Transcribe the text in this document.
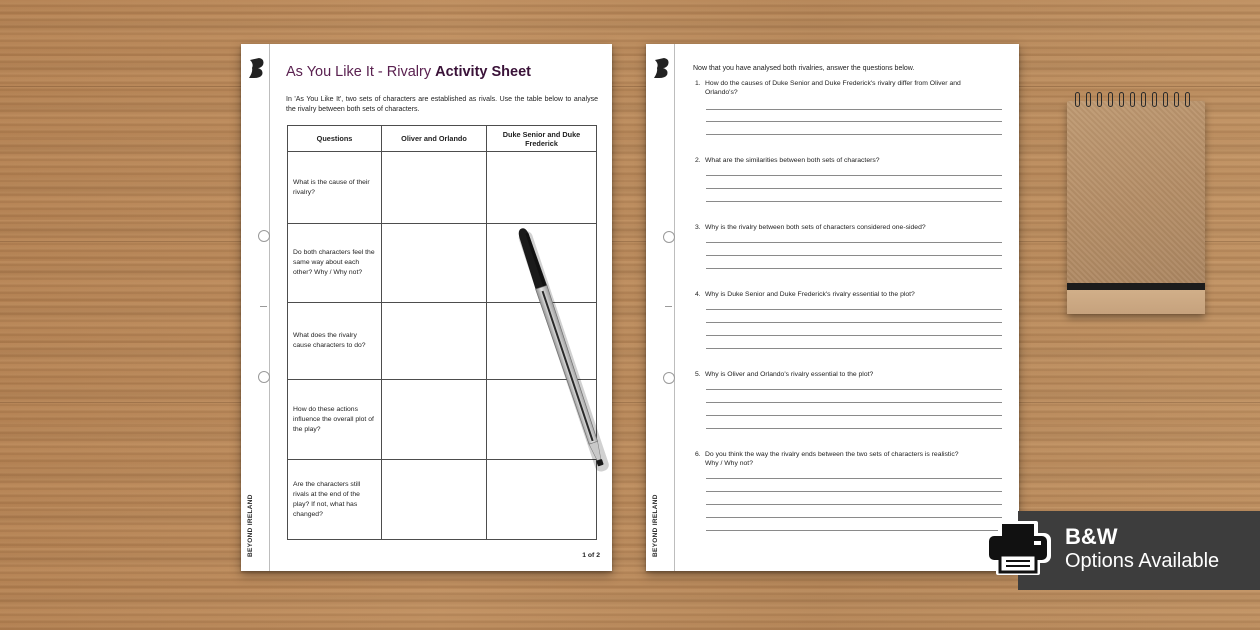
BEYOND IRELAND
As You Like It - Rivalry Activity Sheet
In 'As You Like It', two sets of characters are established as rivals. Use the table below to analyse the rivalry between both sets of characters.
Questions	Oliver and Orlando	Duke Senior and Duke Frederick
What is the cause of their rivalry?		
Do both characters feel the same way about each other? Why / Why not?		
What does the rivalry cause characters to do?		
How do these actions influence the overall plot of the play?		
Are the characters still rivals at the end of the play? If not, what has changed?		
1 of 2	BEYOND IRELAND
Now that you have analysed both rivalries, answer the questions below.
1. How do the causes of Duke Senior and Duke Frederick's rivalry differ from Oliver and
Orlando's?
2. What are the similarities between both sets of characters?
3. Why is the rivalry between both sets of characters considered one-sided?
4. Why is Duke Senior and Duke Frederick's rivalry essential to the plot?
5. Why is Oliver and Orlando's rivalry essential to the plot?
6. Do you think the way the rivalry ends between the two sets of characters is realistic?
Why / Why not?
B&W
Options Available
